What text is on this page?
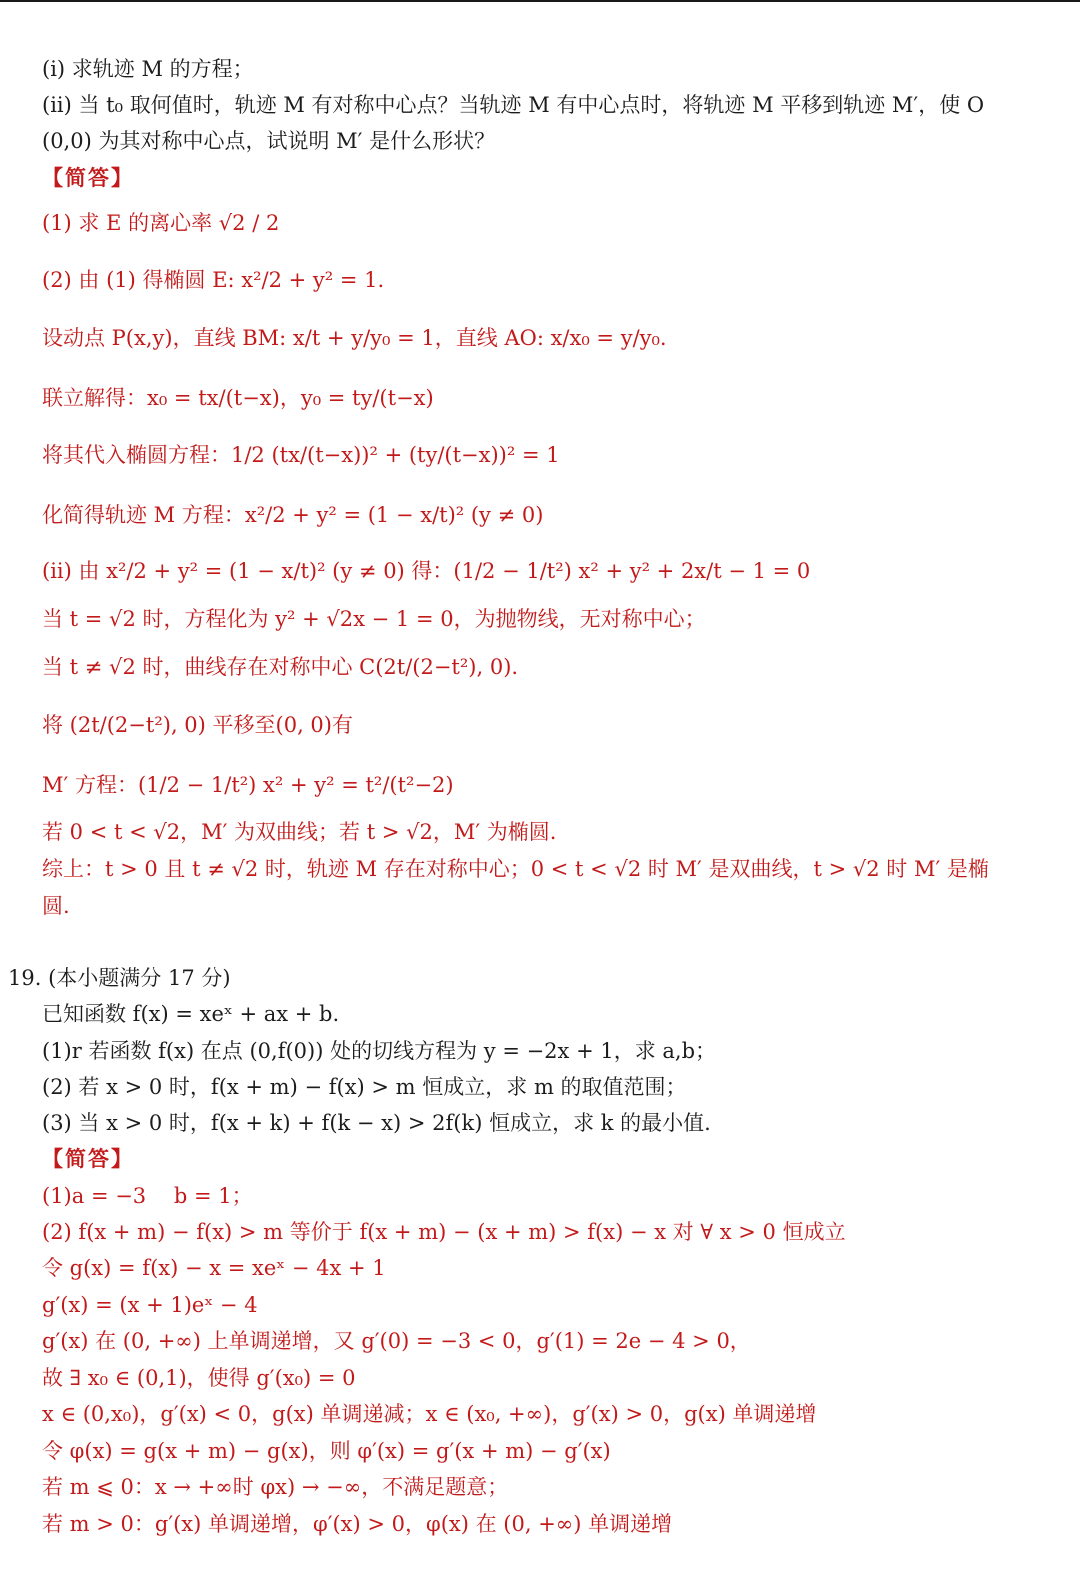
(i) 求轨迹 M 的方程；
(ii) 当 t₀ 取何值时，轨迹 M 有对称中心点？当轨迹 M 有中心点时，将轨迹 M 平移到轨迹 M′，使 O
(0,0) 为其对称中心点，试说明 M′ 是什么形状？
【简答】
(1) 求 E 的离心率 √2 / 2
(2) 由 (1) 得椭圆 E: x²/2 + y² = 1.
设动点 P(x,y)，直线 BM: x/t + y/y₀ = 1，直线 AO: x/x₀ = y/y₀.
联立解得：x₀ = tx/(t−x)，y₀ = ty/(t−x)
将其代入椭圆方程：1/2 (tx/(t−x))² + (ty/(t−x))² = 1
化简得轨迹 M 方程：x²/2 + y² = (1 − x/t)² (y ≠ 0)
(ii) 由 x²/2 + y² = (1 − x/t)² (y ≠ 0) 得：(1/2 − 1/t²) x² + y² + 2x/t − 1 = 0
当 t = √2 时，方程化为 y² + √2x − 1 = 0，为抛物线，无对称中心；
当 t ≠ √2 时，曲线存在对称中心 C(2t/(2−t²), 0).
将 (2t/(2−t²), 0) 平移至(0, 0)有
M′ 方程：(1/2 − 1/t²) x² + y² = t²/(t²−2)
若 0 < t < √2，M′ 为双曲线；若 t > √2，M′ 为椭圆.
综上：t > 0 且 t ≠ √2 时，轨迹 M 存在对称中心；0 < t < √2 时 M′ 是双曲线，t > √2 时 M′ 是椭
圆.
19. (本小题满分 17 分)
已知函数 f(x) = xeˣ + ax + b.
(1)r 若函数 f(x) 在点 (0,f(0)) 处的切线方程为 y = −2x + 1，求 a,b；
(2) 若 x > 0 时，f(x + m) − f(x) > m 恒成立，求 m 的取值范围；
(3) 当 x > 0 时，f(x + k) + f(k − x) > 2f(k) 恒成立，求 k 的最小值.
【简答】
(1)a = −3　 b = 1；
(2) f(x + m) − f(x) > m 等价于 f(x + m) − (x + m) > f(x) − x 对 ∀ x > 0 恒成立
令 g(x) = f(x) − x = xeˣ − 4x + 1
g′(x) = (x + 1)eˣ − 4
g′(x) 在 (0, +∞) 上单调递增，又 g′(0) = −3 < 0，g′(1) = 2e − 4 > 0，
故 ∃ x₀ ∈ (0,1)，使得 g′(x₀) = 0
x ∈ (0,x₀)，g′(x) < 0，g(x) 单调递减；x ∈ (x₀, +∞)，g′(x) > 0，g(x) 单调递增
令 φ(x) = g(x + m) − g(x)，则 φ′(x) = g′(x + m) − g′(x)
若 m ⩽ 0：x → +∞时 φx) → −∞，不满足题意；
若 m > 0：g′(x) 单调递增，φ′(x) > 0，φ(x) 在 (0, +∞) 单调递增
